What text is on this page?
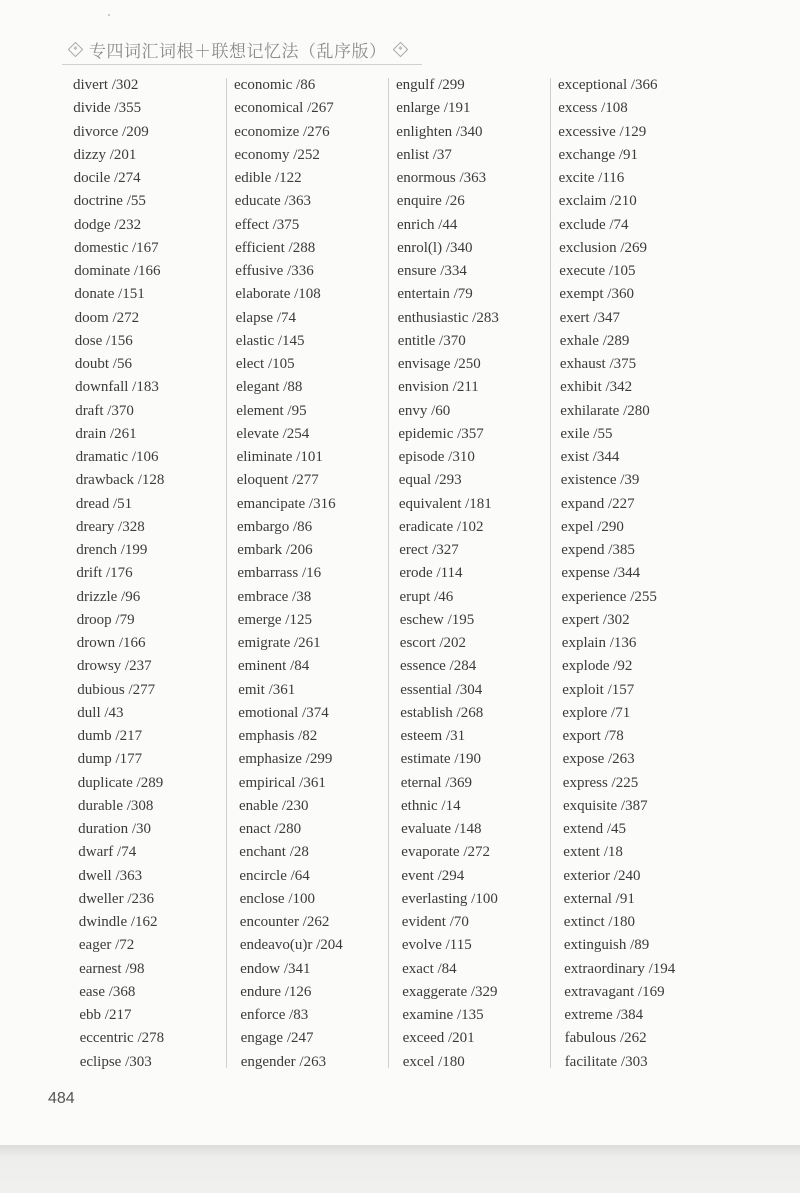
专四词汇词根＋联想记忆法（乱序版）
divert /302
divide /355
divorce /209
dizzy /201
docile /274
doctrine /55
dodge /232
domestic /167
dominate /166
donate /151
doom /272
dose /156
doubt /56
downfall /183
draft /370
drain /261
dramatic /106
drawback /128
dread /51
dreary /328
drench /199
drift /176
drizzle /96
droop /79
drown /166
drowsy /237
dubious /277
dull /43
dumb /217
dump /177
duplicate /289
durable /308
duration /30
dwarf /74
dwell /363
dweller /236
dwindle /162
eager /72
earnest /98
ease /368
ebb /217
eccentric /278
eclipse /303
economic /86
economical /267
economize /276
economy /252
edible /122
educate /363
effect /375
efficient /288
effusive /336
elaborate /108
elapse /74
elastic /145
elect /105
elegant /88
element /95
elevate /254
eliminate /101
eloquent /277
emancipate /316
embargo /86
embark /206
embarrass /16
embrace /38
emerge /125
emigrate /261
eminent /84
emit /361
emotional /374
emphasis /82
emphasize /299
empirical /361
enable /230
enact /280
enchant /28
encircle /64
enclose /100
encounter /262
endeavo(u)r /204
endow /341
endure /126
enforce /83
engage /247
engender /263
engulf /299
enlarge /191
enlighten /340
enlist /37
enormous /363
enquire /26
enrich /44
enrol(l) /340
ensure /334
entertain /79
enthusiastic /283
entitle /370
envisage /250
envision /211
envy /60
epidemic /357
episode /310
equal /293
equivalent /181
eradicate /102
erect /327
erode /114
erupt /46
eschew /195
escort /202
essence /284
essential /304
establish /268
esteem /31
estimate /190
eternal /369
ethnic /14
evaluate /148
evaporate /272
event /294
everlasting /100
evident /70
evolve /115
exact /84
exaggerate /329
examine /135
exceed /201
excel /180
exceptional /366
excess /108
excessive /129
exchange /91
excite /116
exclaim /210
exclude /74
exclusion /269
execute /105
exempt /360
exert /347
exhale /289
exhaust /375
exhibit /342
exhilarate /280
exile /55
exist /344
existence /39
expand /227
expel /290
expend /385
expense /344
experience /255
expert /302
explain /136
explode /92
exploit /157
explore /71
export /78
expose /263
express /225
exquisite /387
extend /45
extent /18
exterior /240
external /91
extinct /180
extinguish /89
extraordinary /194
extravagant /169
extreme /384
fabulous /262
facilitate /303
484
